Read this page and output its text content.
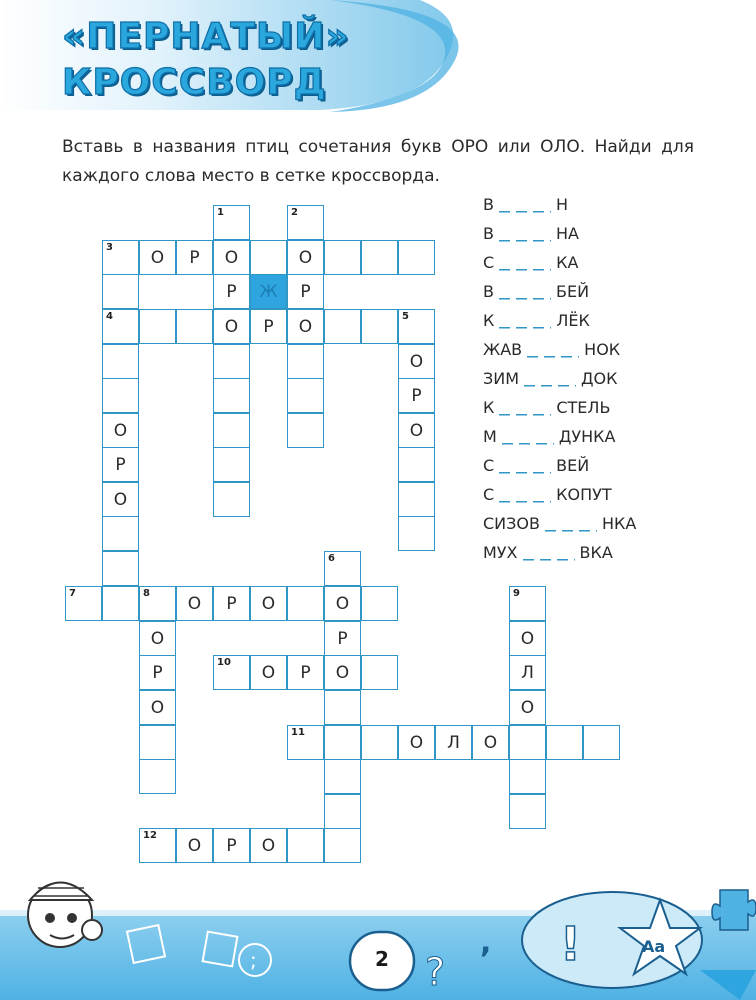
«ПЕРНАТЫЙ»
КРОССВОРД

Вставь в названия птиц сочетания букв ОРО или ОЛО. Найди для каждого слова место в сетке кроссворда.

1
О
Р
О
2
О
Р
О
3	О	Р
Ж
4
О
Р
О
Р	5
О
Р
О
7	8	О	Р	О	О
6
Р
О
О
Р
О
9
О
Л
О
10	О	Р
11	О	Л	О
12	О	Р	О
В	Н
В	НА
С	КА
В	БЕЙ
К	ЛЁК
ЖАВ	НОК
ЗИМ	ДОК
К	СТЕЛЬ
М	ДУНКА
С	ВЕЙ
С	КОПУТ
СИЗОВ	НКА
МУХ	ВКА
;	,
?
!	Aa
2
